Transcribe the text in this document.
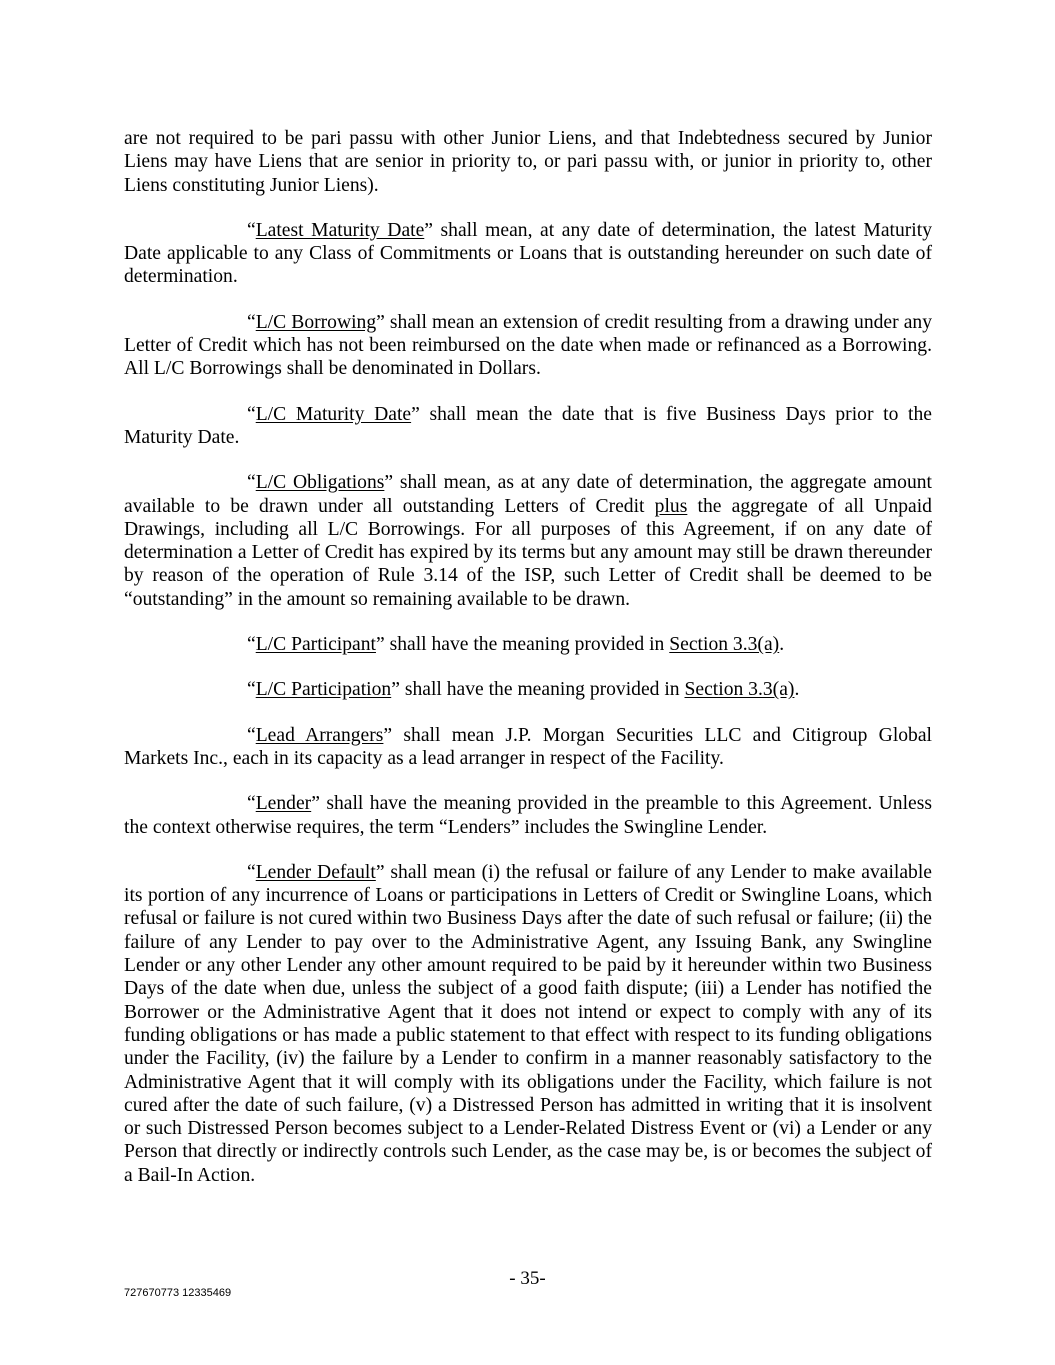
are not required to be pari passu with other Junior Liens, and that Indebtedness secured by Junior Liens may have Liens that are senior in priority to, or pari passu with, or junior in priority to, other Liens constituting Junior Liens).

“Latest Maturity Date” shall mean, at any date of determination, the latest Maturity Date applicable to any Class of Commitments or Loans that is outstanding hereunder on such date of determination.

“L/C Borrowing” shall mean an extension of credit resulting from a drawing under any Letter of Credit which has not been reimbursed on the date when made or refinanced as a Borrowing. All L/C Borrowings shall be denominated in Dollars.

“L/C Maturity Date” shall mean the date that is five Business Days prior to the Maturity Date.

“L/C Obligations” shall mean, as at any date of determination, the aggregate amount available to be drawn under all outstanding Letters of Credit plus the aggregate of all Unpaid Drawings, including all L/C Borrowings. For all purposes of this Agreement, if on any date of determination a Letter of Credit has expired by its terms but any amount may still be drawn thereunder by reason of the operation of Rule 3.14 of the ISP, such Letter of Credit shall be deemed to be “outstanding” in the amount so remaining available to be drawn.

“L/C Participant” shall have the meaning provided in Section 3.3(a).

“L/C Participation” shall have the meaning provided in Section 3.3(a).

“Lead Arrangers” shall mean J.P. Morgan Securities LLC and Citigroup Global Markets Inc., each in its capacity as a lead arranger in respect of the Facility.

“Lender” shall have the meaning provided in the preamble to this Agreement. Unless the context otherwise requires, the term “Lenders” includes the Swingline Lender.

“Lender Default” shall mean (i) the refusal or failure of any Lender to make available its portion of any incurrence of Loans or participations in Letters of Credit or Swingline Loans, which refusal or failure is not cured within two Business Days after the date of such refusal or failure; (ii) the failure of any Lender to pay over to the Administrative Agent, any Issuing Bank, any Swingline Lender or any other Lender any other amount required to be paid by it hereunder within two Business Days of the date when due, unless the subject of a good faith dispute; (iii) a Lender has notified the Borrower or the Administrative Agent that it does not intend or expect to comply with any of its funding obligations or has made a public statement to that effect with respect to its funding obligations under the Facility, (iv) the failure by a Lender to confirm in a manner reasonably satisfactory to the Administrative Agent that it will comply with its obligations under the Facility, which failure is not cured after the date of such failure, (v) a Distressed Person has admitted in writing that it is insolvent or such Distressed Person becomes subject to a Lender-Related Distress Event or (vi) a Lender or any Person that directly or indirectly controls such Lender, as the case may be, is or becomes the subject of a Bail-In Action.

- 35-
727670773 12335469
